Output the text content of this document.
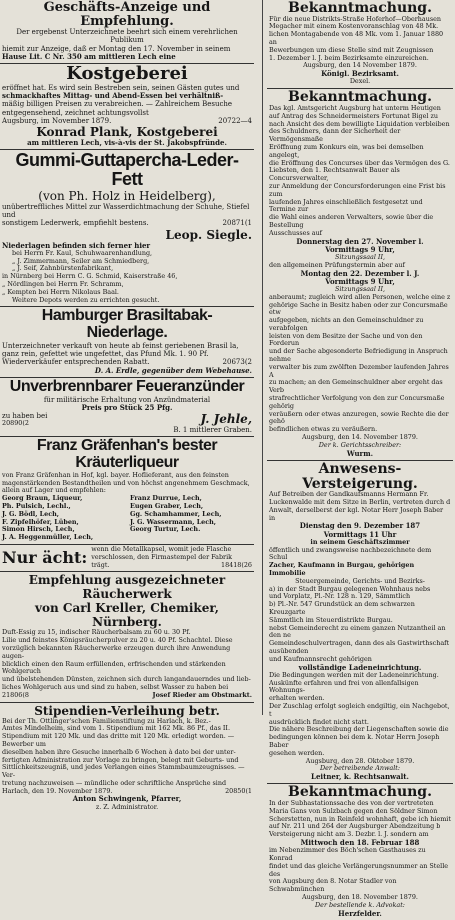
Geschäfts-Anzeige und Empfehlung.
Der ergebenst Unterzeichnete beehrt sich einem verehrlichen Publikum
hiemit zur Anzeige, daß er Montag den 17. November in seinem
Hause Lit. C Nr. 350 am mittleren Lech eine
Kostgeberei
eröffnet hat. Es wird sein Bestreben sein, seinen Gästen gutes und
schmackhaftes Mittag- und Abend-Essen bei verhältniß-
mäßig billigen Preisen zu verabreichen. — Zahlreichem Besuche
entgegensehend, zeichnet achtungsvollst
Augsburg, im November 1879.	20722—4
Konrad Plank, Kostgeberei
am mittleren Lech, vis-à-vis der St. Jakobspfründe.
Gummi-Guttapercha-Leder-Fett
(von Ph. Holz in Heidelberg),
unübertreffliches Mittel zur Wasserdichtmachung der Schuhe, Stiefel und
sonstigem Lederwerk, empfiehlt bestens.	20871(1
Leop. Siegle.
Niederlagen befinden sich ferner hier
bei Herrn Fr. Kaul, Schuhwaarenhandlung,
„ J. Zimmermann, Seiler am Schmiedberg,
„ J. Seif, Zahnbürstenfabrikant,
in Nürnberg bei Herrn C. G. Schmid, Kaiserstraße 46,
„ Nördlingen bei Herrn Fr. Schramm,
„ Kempten bei Herrn Nikolaus Baal.
Weitere Depots werden zu errichten gesucht.
Hamburger Brasiltabak-Niederlage.
Unterzeichneter verkauft von heute ab feinst geriebenen Brasil la,
ganz rein, gefettet wie ungefettet, das Pfund Mk. 1. 90 Pf.
Wiederverkäufer entsprechenden Rabatt.	20673(2
D. A. Erdle, gegenüber dem Webehause.
Unverbrennbarer Feueranzünder
für militärische Erhaltung von Anzündmaterial
Preis pro Stück 25 Pfg.
zu haben bei
20890(2	J. Jehle,
B. 1 mittlerer Graben.
Franz Gräfenhan's bester Kräuterliqueur
von Franz Gräfenhan in Hof, kgl. bayer. Hoflieferant, aus den feinsten
magenstärkenden Bestandtheilen und von höchst angenehmem Geschmack,
allein auf Lager und empfehlen:
Georg Braun, Liqueur,
Ph. Pulsich, Lechl.,
J. G. Bödl, Lech,
F. Zipfelhöfer, Lüben,
Simon Hirsch, Lech,
J. A. Heggenmüller, Lech,
Franz Durrue, Lech,
Eugen Graber, Lech,
Gg. Schamhammer, Lech,
J. G. Wassermann, Lech,
Georg Turtur, Lech.
Nur ächt: wenn die Metallkapsel, womit jede Flasche
verschlossen, den Firmastempel der Fabrik
trägt.	18418(26
Empfehlung ausgezeichneter Räucherwerk
von Carl Kreller, Chemiker, Nürnberg.
Duft-Essig zu 15, indischer Räucherbalsam zu 60 u. 30 Pf.
Lilie und feinstes Königsräucherpulver zu 20 u. 40 Pf. Schachtel. Diese
vorzüglich bekannten Räucherwerke erzeugen durch ihre Anwendung augen-
blicklich einen den Raum erfüllenden, erfrischenden und stärkenden Wohlgeruch
und übelstehenden Dünsten, zeichnen sich durch langandauerndes und lieb-
liches Wohlgeruch aus und sind zu haben, selbst Wasser zu haben bei
21806(8	Josef Rieder am Obstmarkt.
Stipendien-Verleihung betr.
Bei der Th. Ottlinger'schen Familienstiftung zu Harlach, k. Bez.-
Amtes Mindelheim, sind vom 1. Stipendium mit 162 Mk. 86 Pf., das II.
Stipendium mit 120 Mk. und das dritte mit 120 Mk. erledigt worden. — Bewerber um
dieselben haben ihre Gesuche innerhalb 6 Wochen à dato bei der unter-
fertigten Administration zur Vorlage zu bringen, belegt mit Geburts- und
Sittlichkeitszeugniß, und jedes Verlangen eines Stammbaumzeugnisses. — Ver-
tretung nachzuweisen — mündliche oder schriftliche Ansprüche sind
Harlach, den 19. November 1879.	20850(1
Anton Schwingenk, Pfarrer,
z. Z. Administrator.
Bekanntmachung.
Für die neue Distrikts-Straße Hoferhof—Oberhausen
Megacher mit einem Kostenvoranschlag von 48 Mk.
lichen Montagabende von 48 Mk. vom 1. Januar 1880 an
Bewerbungen um diese Stelle sind mit Zeugnissen
1. Dezember l. J. beim Bezirksamte einzureichen.
Augsburg, den 14 November 1879.
Königl. Bezirksamt.
Dexel.
Bekanntmachung.
Das kgl. Amtsgericht Augsburg hat unterm Heutigen
auf Antrag des Schneidermeisters Fortunat Bigel zu
nach Ansicht des dem bewilligte Liquidation verbleiben
des Schuldners, dann der Sicherheit der Vermögensmaße
Eröffnung zum Konkurs ein, was bei demselben angelegt,
die Eröffnung des Concurses über das Vermögen des G.
Liebsten, den 1. Rechtsanwalt Bauer als Concursverwalter,
zur Anmeldung der Concursforderungen eine Frist bis zum
laufenden Jahres einschließlich festgesetzt und Termine zur
die Wahl eines anderen Verwalters, sowie über die Bestellung
Ausschusses auf
Donnerstag den 27. November l.
Vormittags 9 Uhr,
Sitzungssaal II,
den allgemeinen Prüfungstermin aber auf
Montag den 22. Dezember l. J.
Vormittags 9 Uhr,
Sitzungssaal II,
anberaumt; zugleich wird allen Personen, welche eine z
gehörige Sache in Besitz haben oder zur Concursmaße etw
aufgegeben, nichts an den Gemeinschuldner zu verabfolgen
leisten von dem Besitze der Sache und von den Forderun
und der Sache abgesonderte Befriedigung in Anspruch nehme
verwalter bis zum zwölften Dezember laufenden Jahres A
zu machen; an den Gemeinschuldner aber ergeht das Verb
strafrechtlicher Verfolgung von den zur Concursmaße gehörig
veräußern oder etwas anzuregen, sowie Rechte die der gehö
befindlichen etwas zu veräußern.
Augsburg, den 14. November 1879.
Der k. Gerichtsschreiber:
Wurm.
Anwesens-Versteigerung.
Auf Betreiben der Gandkaufsmanns Hermann Fr.
Luckenwalde mit dem Sitze in Berlin, vertreten durch d
Anwalt, derselberst der kgl. Notar Herr Joseph Baber in
Dienstag den 9. Dezember 187
Vormittags 11 Uhr
in seinem Geschäftszimmer
öffentlich und zwangsweise nachbezeichnete dem Schul
Zacher, Kaufmann in Burgau, gehörigen Immobilie
Steuergemeinde, Gerichts- und Bezirks-
a) in der Stadt Burgau gelegenen Wohnhaus nebs
und Vorplatz, Pl.-Nr. 128 n. 129, Sämmtlich
b) Pl.-Nr. 547 Grundstück an dem schwarzen Kreuzgarte
Sämmtlich im Steuerdistrikte Burgau.
nebst Gemeinderecht zu einem ganzen Nutzantheil an den ne
Gemeindeschulvertragen, dann des als Gastwirthschaft ausübenden
und Kaufmannsrecht gehörigen
vollständige Ladeneinrichtung.
Die Bedingungen werden mit der Ladeneinrichtung.
Auskünfte erfahren und frei von allenfallsigen Wohnungs-
erhalten werden.
Der Zuschlag erfolgt sogleich endgiltig, ein Nachgebot, t
ausdrücklich findet nicht statt.
Die nähere Beschreibung der Liegenschaften sowie die
bedingungen können bei dem k. Notar Herrn Joseph Baber
gesehen werden.
Augsburg, den 28. Oktober 1879.
Der betreibende Anwalt:
Leitner, k. Rechtsanwalt.
Bekanntmachung.
In der Subhastationssache des von der vertreteten
Maria Gans von Sulzbach gegen den Söldner Simon
Scherstetten, nun in Reinfeld wohnhaft, gebe ich hiemit
auf Nr. 211 und 264 der Augsburger Abendzeitung b
Versteigerung nicht am 3. Dezbr. l. J. sondern am
Mittwoch den 18. Februar 188
im Nebenzimmer des Böch'schen Gasthauses zu Konrad
findet und das gleiche Verlängerungsnummer an Stelle des
von Augsburg den 8. Notar Stadler von Schwabmünchen
Augsburg, den 18. November 1879.
Der bestellende k. Advokat:
Herzfelder.
